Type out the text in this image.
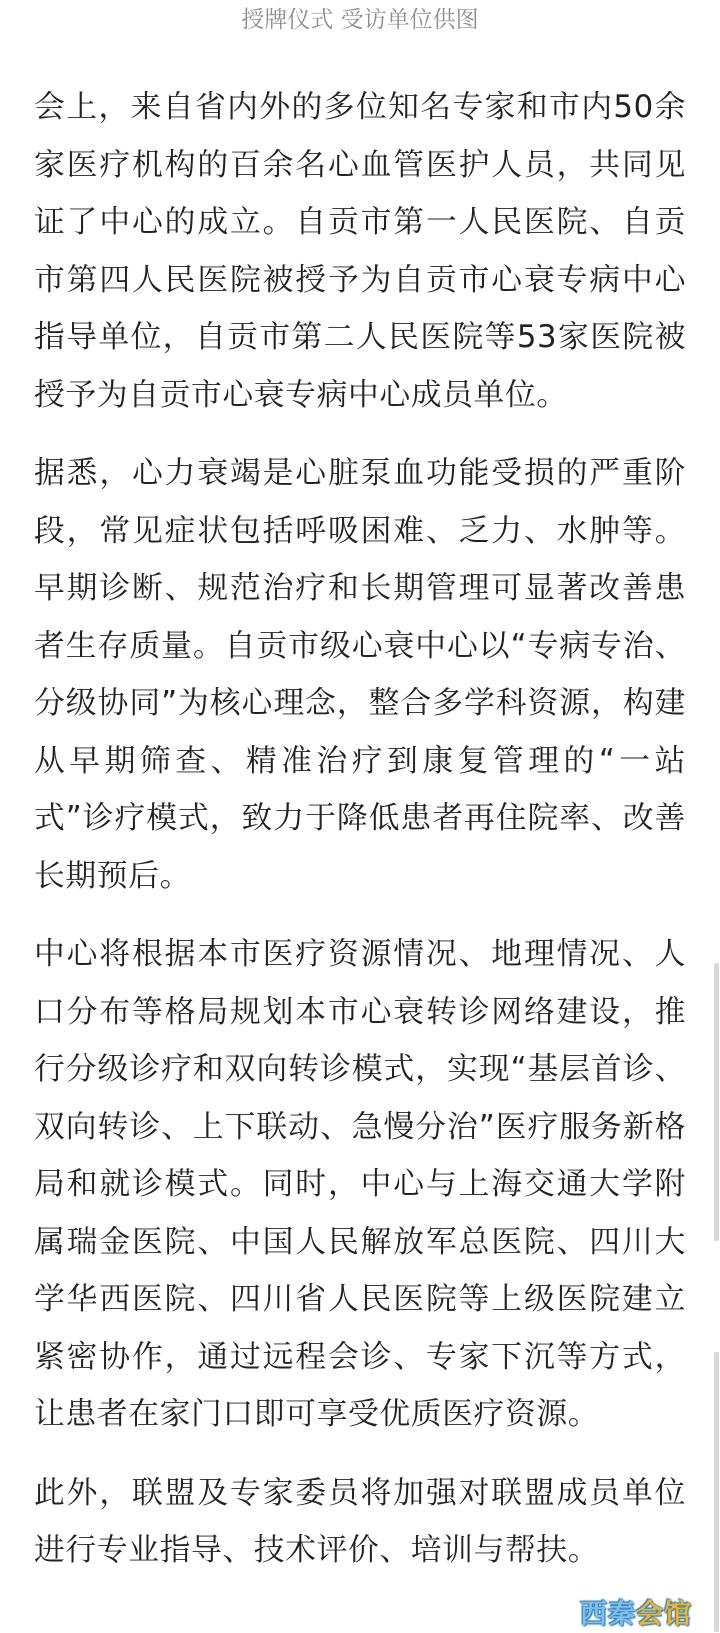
授牌仪式 受访单位供图

会上，来自省内外的多位知名专家和市内50余家医疗机构的百余名心血管医护人员，共同见证了中心的成立。自贡市第一人民医院、自贡市第四人民医院被授予为自贡市心衰专病中心指导单位，自贡市第二人民医院等53家医院被授予为自贡市心衰专病中心成员单位。

据悉，心力衰竭是心脏泵血功能受损的严重阶段，常见症状包括呼吸困难、乏力、水肿等。早期诊断、规范治疗和长期管理可显著改善患者生存质量。自贡市级心衰中心以“专病专治、分级协同”为核心理念，整合多学科资源，构建从早期筛查、精准治疗到康复管理的“一站式”诊疗模式，致力于降低患者再住院率、改善长期预后。

中心将根据本市医疗资源情况、地理情况、人口分布等格局规划本市心衰转诊网络建设，推行分级诊疗和双向转诊模式，实现“基层首诊、双向转诊、上下联动、急慢分治”医疗服务新格局和就诊模式。同时，中心与上海交通大学附属瑞金医院、中国人民解放军总医院、四川大学华西医院、四川省人民医院等上级医院建立紧密协作，通过远程会诊、专家下沉等方式，让患者在家门口即可享受优质医疗资源。

此外，联盟及专家委员将加强对联盟成员单位进行专业指导、技术评价、培训与帮扶。

西秦会馆
